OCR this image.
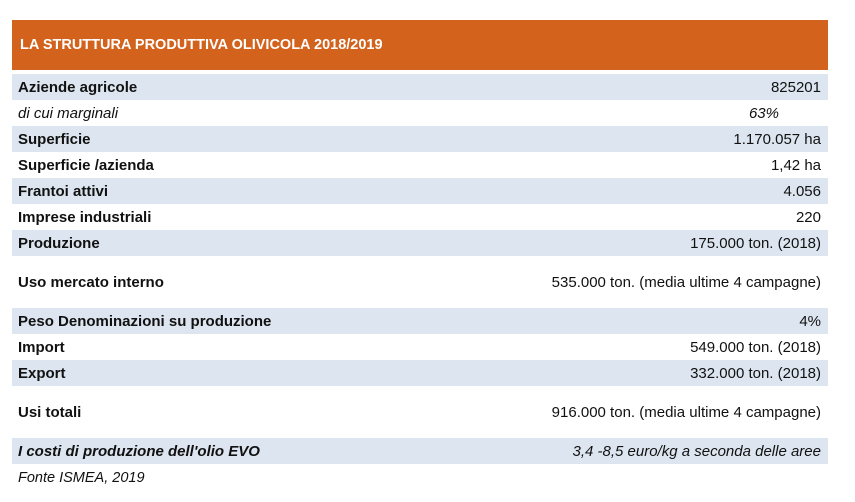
LA STRUTTURA PRODUTTIVA OLIVICOLA 2018/2019
Aziende agricole	825201
di cui marginali	63%
Superficie	1.170.057 ha
Superficie /azienda	1,42 ha
Frantoi attivi	4.056
Imprese industriali	220
Produzione	175.000 ton. (2018)
Uso mercato interno	535.000 ton. (media ultime 4 campagne)
Peso Denominazioni su produzione	4%
Import	549.000 ton. (2018)
Export	332.000 ton. (2018)
Usi totali	916.000 ton. (media ultime 4 campagne)
I costi di produzione dell'olio EVO	3,4 -8,5 euro/kg a seconda delle aree
Fonte ISMEA, 2019
